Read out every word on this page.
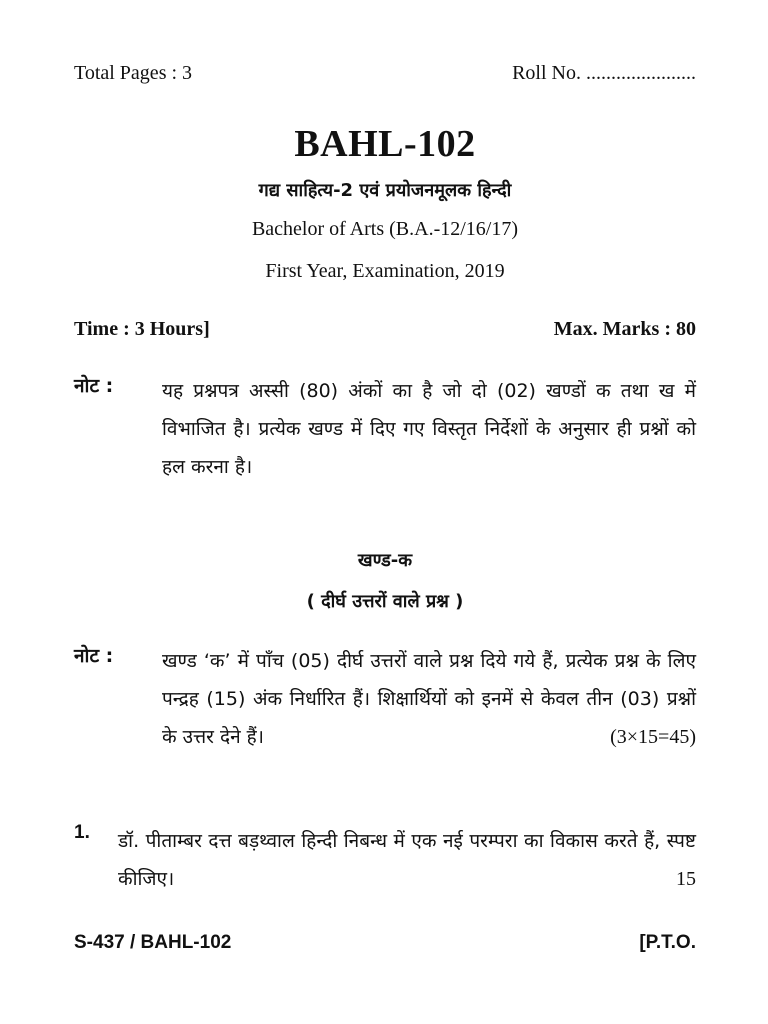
Total Pages : 3	Roll No. ......................
BAHL-102
गद्य साहित्य-2 एवं प्रयोजनमूलक हिन्दी
Bachelor of Arts (B.A.-12/16/17)
First Year, Examination, 2019
Time : 3 Hours]	Max. Marks : 80
नोट :	यह प्रश्नपत्र अस्सी (80) अंकों का है जो दो (02) खण्डों क तथा ख में विभाजित है। प्रत्येक खण्ड में दिए गए विस्तृत निर्देशों के अनुसार ही प्रश्नों को हल करना है।
खण्ड-क
( दीर्घ उत्तरों वाले प्रश्न )
नोट :	खण्ड ‘क’ में पाँच (05) दीर्घ उत्तरों वाले प्रश्न दिये गये हैं, प्रत्येक प्रश्न के लिए पन्द्रह (15) अंक निर्धारित हैं। शिक्षार्थियों को इनमें से केवल तीन (03) प्रश्नों के उत्तर देने हैं।	(3×15=45)
1. डॉ. पीताम्बर दत्त बड़थ्वाल हिन्दी निबन्ध में एक नई परम्परा का विकास करते हैं, स्पष्ट कीजिए।	15
S-437 / BAHL-102	[P.T.O.
